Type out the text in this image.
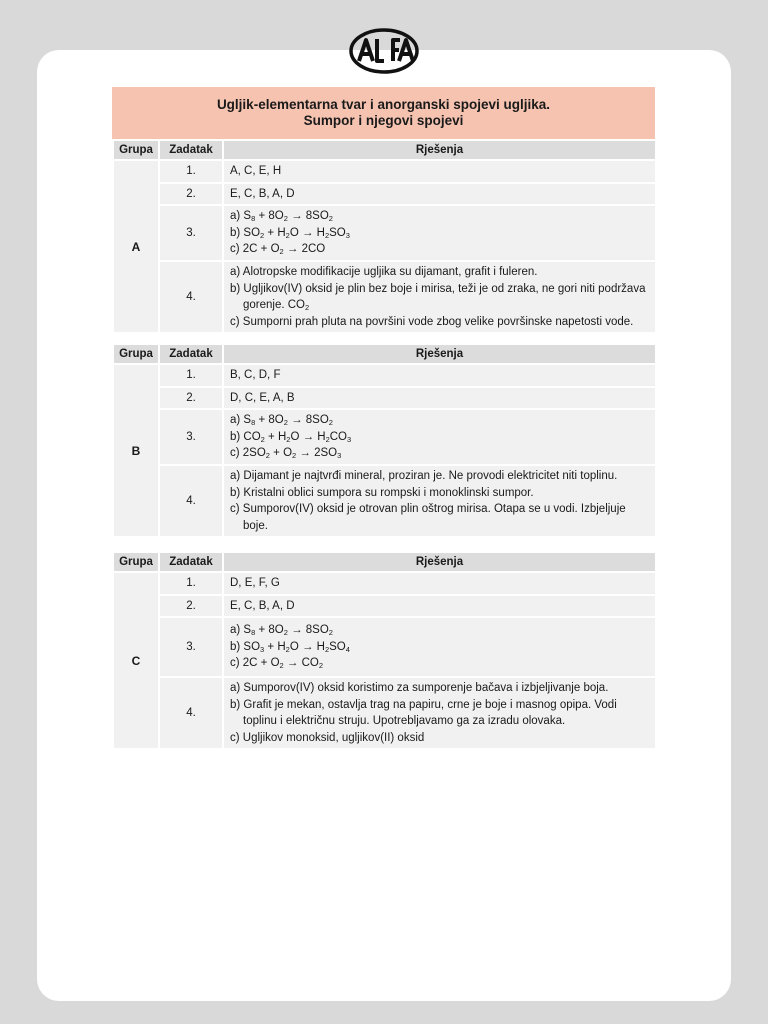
Ugljik-elementarna tvar i anorganski spojevi ugljika.
Sumpor i njegovi spojevi
Grupa	Zadatak	Rješenja
A	1.	A, C, E, H

	2.	E, C, B, A, D

	3.	a) $S_8 + 8O_2 \to 8SO_2$
b) $SO_2 + H_2O \to H_2SO_3$
c) $2C + O_2 \to 2CO$

	4.	a) Alotropske modifikacije ugljika su dijamant, grafit i fuleren.
b) Ugljikov(IV) oksid je plin bez boje i mirisa, teži je od zraka, ne gori niti podržava gorenje. $CO_2$
c) Sumporni prah pluta na površini vode zbog velike površinske napetosti vode.
Grupa	Zadatak	Rješenja
B	1.	B, C, D, F

	2.	D, C, E, A, B

	3.	a) $S_8 + 8O_2 \to 8SO_2$
b) $CO_2 + H_2O \to H_2CO_3$
c) $2SO_2 + O_2 \to 2SO_3$

	4.	a) Dijamant je najtvrđi mineral, proziran je. Ne provodi elektricitet niti toplinu.
b) Kristalni oblici sumpora su rompski i monoklinski sumpor.
c) Sumporov(IV) oksid je otrovan plin oštrog mirisa. Otapa se u vodi. Izbjeljuje boje.
Grupa	Zadatak	Rješenja
C	1.	D, E, F, G

	2.	E, C, B, A, D

	3.	a) $S_8 + 8O_2 \to 8SO_2$
b) $SO_3 + H_2O \to H_2SO_4$
c) $2C + O_2 \to CO_2$

	4.	a) Sumporov(IV) oksid koristimo za sumporenje bačava i izbjeljivanje boja.
b) Grafit je mekan, ostavlja trag na papiru, crne je boje i masnog opipa. Vodi toplinu i električnu struju. Upotrebljavamo ga za izradu olovaka.
c) Ugljikov monoksid, ugljikov(II) oksid
